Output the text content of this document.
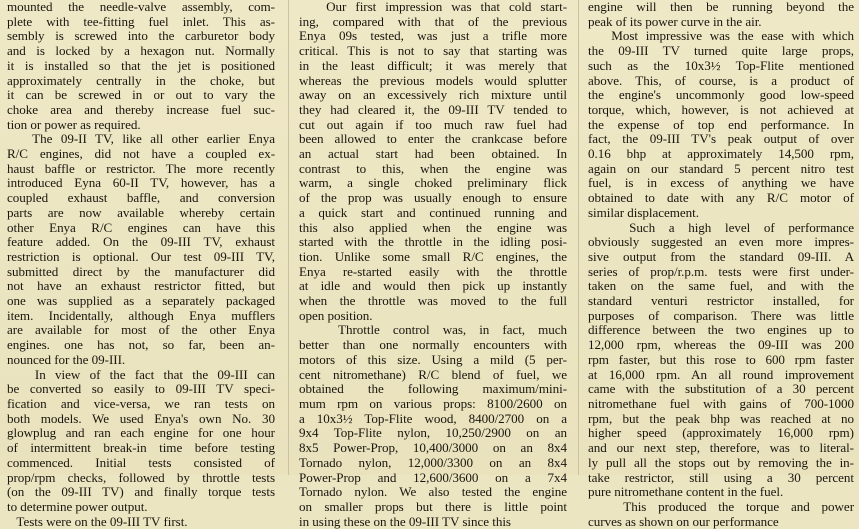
mounted the needle-valve assembly, com-
plete with tee-fitting fuel inlet. This as-
sembly is screwed into the carburetor body
and is locked by a hexagon nut. Normally
it is installed so that the jet is positioned
approximately centrally in the choke, but
it can be screwed in or out to vary the
choke area and thereby increase fuel suc-
tion or power as required.
The 09-II TV, like all other earlier Enya
R/C engines, did not have a coupled ex-
haust baffle or restrictor. The more recently
introduced Eyna 60-II TV, however, has a
coupled exhaust baffle, and conversion
parts are now available whereby certain
other Enya R/C engines can have this
feature added. On the 09-III TV, exhaust
restriction is optional. Our test 09-III TV,
submitted direct by the manufacturer did
not have an exhaust restrictor fitted, but
one was supplied as a separately packaged
item. Incidentally, although Enya mufflers
are available for most of the other Enya
engines. one has not, so far, been an-
nounced for the 09-III.
In view of the fact that the 09-III can
be converted so easily to 09-III TV speci-
fication and vice-versa, we ran tests on
both models. We used Enya's own No. 30
glowplug and ran each engine for one hour
of intermittent break-in time before testing
commenced. Initial tests consisted of
prop/rpm checks, followed by throttle tests
(on the 09-III TV) and finally torque tests
to determine power output.
Tests were on the 09-III TV first.
Our first impression was that cold start-
ing, compared with that of the previous
Enya 09s tested, was just a trifle more
critical. This is not to say that starting was
in the least difficult; it was merely that
whereas the previous models would splutter
away on an excessively rich mixture until
they had cleared it, the 09-III TV tended to
cut out again if too much raw fuel had
been allowed to enter the crankcase before
an actual start had been obtained. In
contrast to this, when the engine was
warm, a single choked preliminary flick
of the prop was usually enough to ensure
a quick start and continued running and
this also applied when the engine was
started with the throttle in the idling posi-
tion. Unlike some small R/C engines, the
Enya re-started easily with the throttle
at idle and would then pick up instantly
when the throttle was moved to the full
open position.
Throttle control was, in fact, much
better than one normally encounters with
motors of this size. Using a mild (5 per-
cent nitromethane) R/C blend of fuel, we
obtained the following maximum/mini-
mum rpm on various props: 8100/2600 on
a 10x3½ Top-Flite wood, 8400/2700 on a
9x4 Top-Flite nylon, 10,250/2900 on an
8x5 Power-Prop, 10,400/3000 on an 8x4
Tornado nylon, 12,000/3300 on an 8x4
Power-Prop and 12,600/3600 on a 7x4
Tornado nylon. We also tested the engine
on smaller props but there is little point
in using these on the 09-III TV since this
engine will then be running beyond the
peak of its power curve in the air.
Most impressive was the ease with which
the 09-III TV turned quite large props,
such as the 10x3½ Top-Flite mentioned
above. This, of course, is a product of
the engine's uncommonly good low-speed
torque, which, however, is not achieved at
the expense of top end performance. In
fact, the 09-III TV's peak output of over
0.16 bhp at approximately 14,500 rpm,
again on our standard 5 percent nitro test
fuel, is in excess of anything we have
obtained to date with any R/C motor of
similar displacement.
Such a high level of performance
obviously suggested an even more impres-
sive output from the standard 09-III. A
series of prop/r.p.m. tests were first under-
taken on the same fuel, and with the
standard venturi restrictor installed, for
purposes of comparison. There was little
difference between the two engines up to
12,000 rpm, whereas the 09-III was 200
rpm faster, but this rose to 600 rpm faster
at 16,000 rpm. An all round improvement
came with the substitution of a 30 percent
nitromethane fuel with gains of 700-1000
rpm, but the peak bhp was reached at no
higher speed (approximately 16,000 rpm)
and our next step, therefore, was to literal-
ly pull all the stops out by removing the in-
take restrictor, still using a 30 percent
pure nitromethane content in the fuel.
This produced the torque and power
curves as shown on our performance
